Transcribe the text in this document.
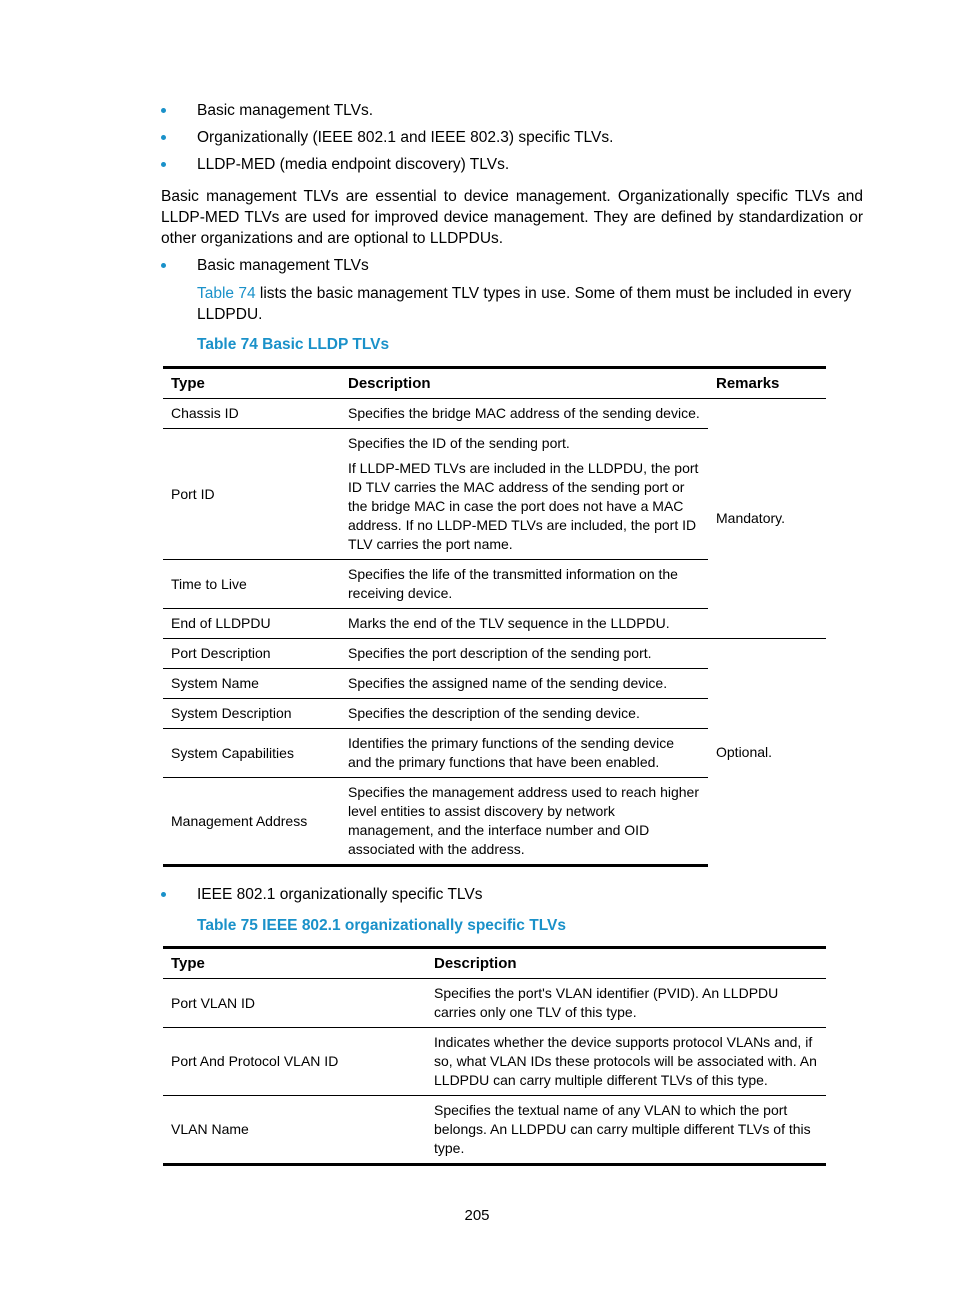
Basic management TLVs.
Organizationally (IEEE 802.1 and IEEE 802.3) specific TLVs.
LLDP-MED (media endpoint discovery) TLVs.
Basic management TLVs are essential to device management. Organizationally specific TLVs and LLDP-MED TLVs are used for improved device management. They are defined by standardization or other organizations and are optional to LLDPDUs.
Basic management TLVs
Table 74 lists the basic management TLV types in use. Some of them must be included in every LLDPDU.
Table 74 Basic LLDP TLVs
Type	Description	Remarks
Chassis ID	Specifies the bridge MAC address of the sending device.	Mandatory.
Port ID	Specifies the ID of the sending port.

If LLDP-MED TLVs are included in the LLDPDU, the port ID TLV carries the MAC address of the sending port or the bridge MAC in case the port does not have a MAC address. If no LLDP-MED TLVs are included, the port ID TLV carries the port name.	

Time to Live	Specifies the life of the transmitted information on the receiving device.	

End of LLDPDU	Marks the end of the TLV sequence in the LLDPDU.	

Port Description	Specifies the port description of the sending port.	Optional.
System Name	Specifies the assigned name of the sending device.	

System Description	Specifies the description of the sending device.	

System Capabilities	Identifies the primary functions of the sending device and the primary functions that have been enabled.	

Management Address	Specifies the management address used to reach higher level entities to assist discovery by network management, and the interface number and OID associated with the address.	

IEEE 802.1 organizationally specific TLVs
Table 75 IEEE 802.1 organizationally specific TLVs
Type	Description
Port VLAN ID	Specifies the port's VLAN identifier (PVID). An LLDPDU carries only one TLV of this type.
Port And Protocol VLAN ID	Indicates whether the device supports protocol VLANs and, if so, what VLAN IDs these protocols will be associated with. An LLDPDU can carry multiple different TLVs of this type.
VLAN Name	Specifies the textual name of any VLAN to which the port belongs. An LLDPDU can carry multiple different TLVs of this type.
205
